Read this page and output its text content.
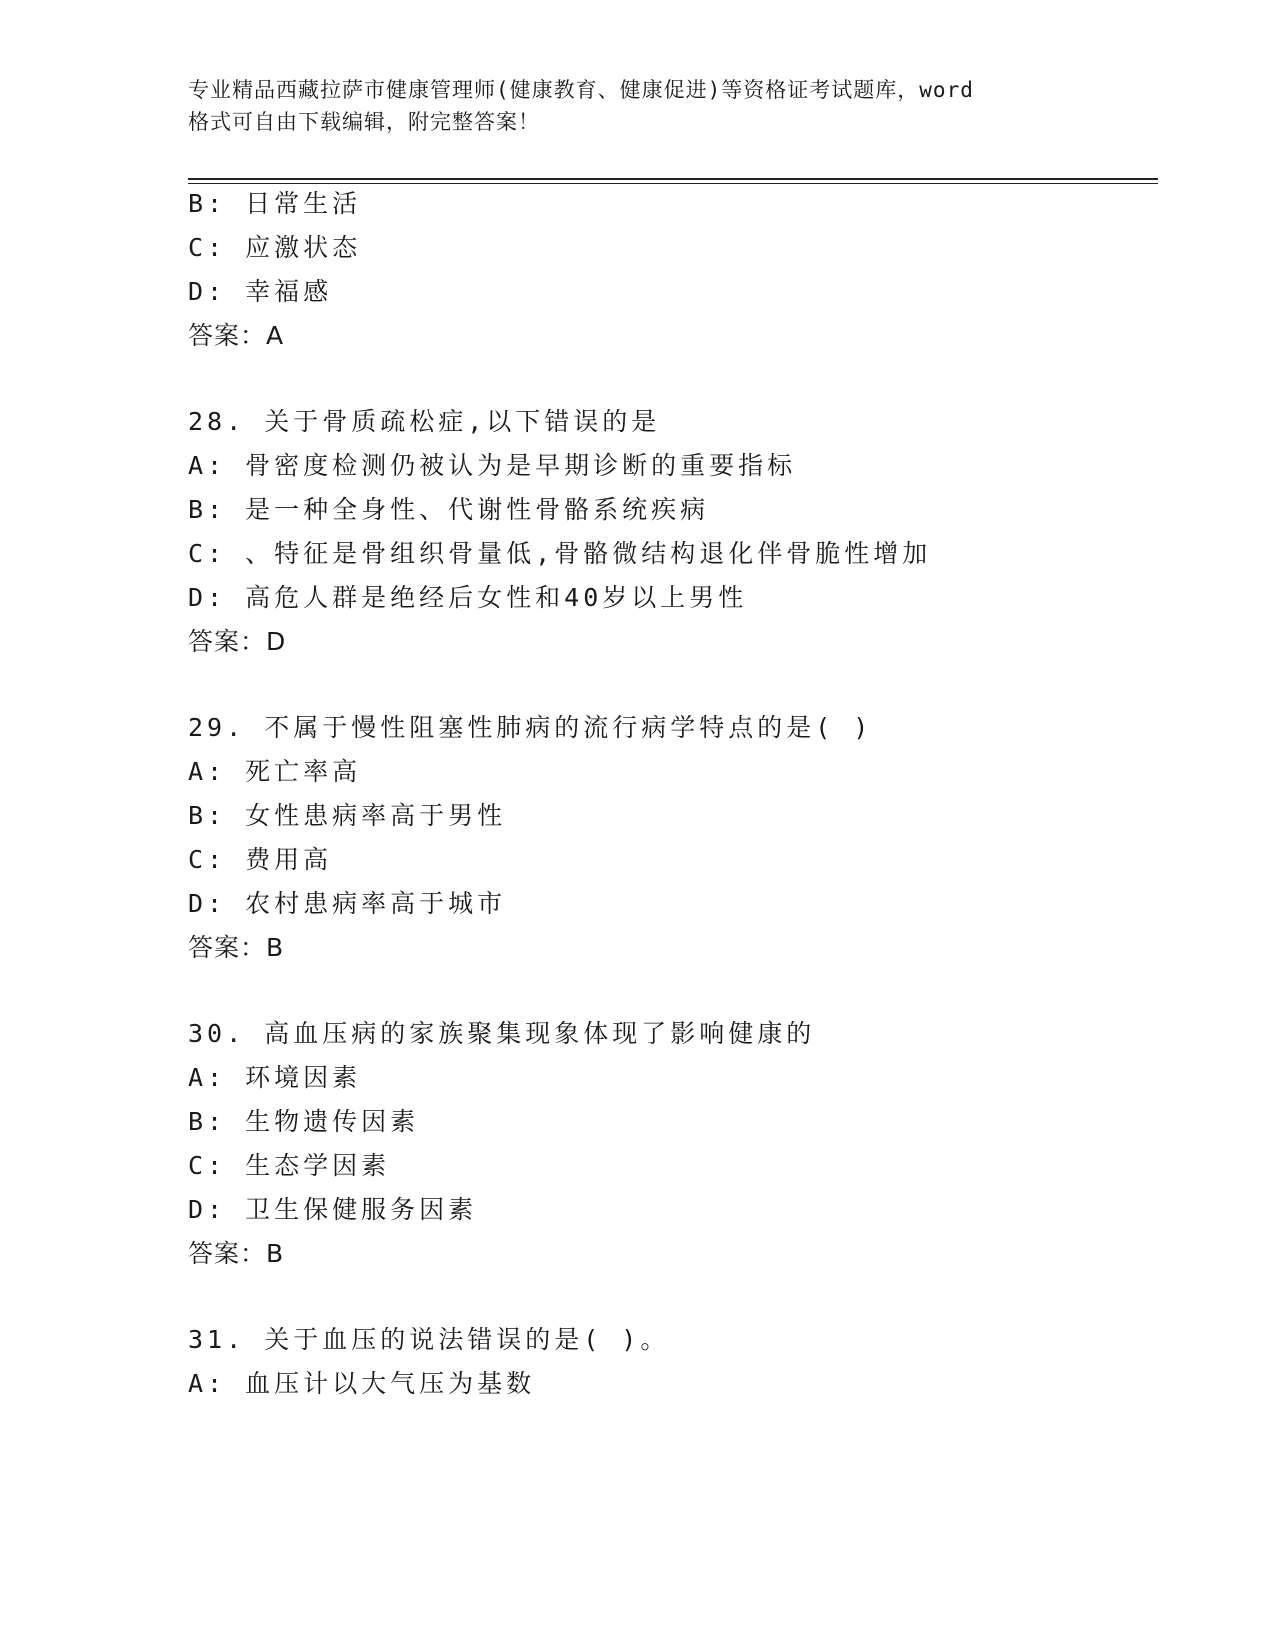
专业精品西藏拉萨市健康管理师(健康教育、健康促进)等资格证考试题库，word
格式可自由下载编辑，附完整答案！
B: 日常生活
C: 应激状态
D: 幸福感
答案：A
28. 关于骨质疏松症,以下错误的是
A: 骨密度检测仍被认为是早期诊断的重要指标
B: 是一种全身性、代谢性骨骼系统疾病
C: 、特征是骨组织骨量低,骨骼微结构退化伴骨脆性增加
D: 高危人群是绝经后女性和40岁以上男性
答案：D
29. 不属于慢性阻塞性肺病的流行病学特点的是( )
A: 死亡率高
B: 女性患病率高于男性
C: 费用高
D: 农村患病率高于城市
答案：B
30. 高血压病的家族聚集现象体现了影响健康的
A: 环境因素
B: 生物遗传因素
C: 生态学因素
D: 卫生保健服务因素
答案：B
31. 关于血压的说法错误的是( )。
A: 血压计以大气压为基数
